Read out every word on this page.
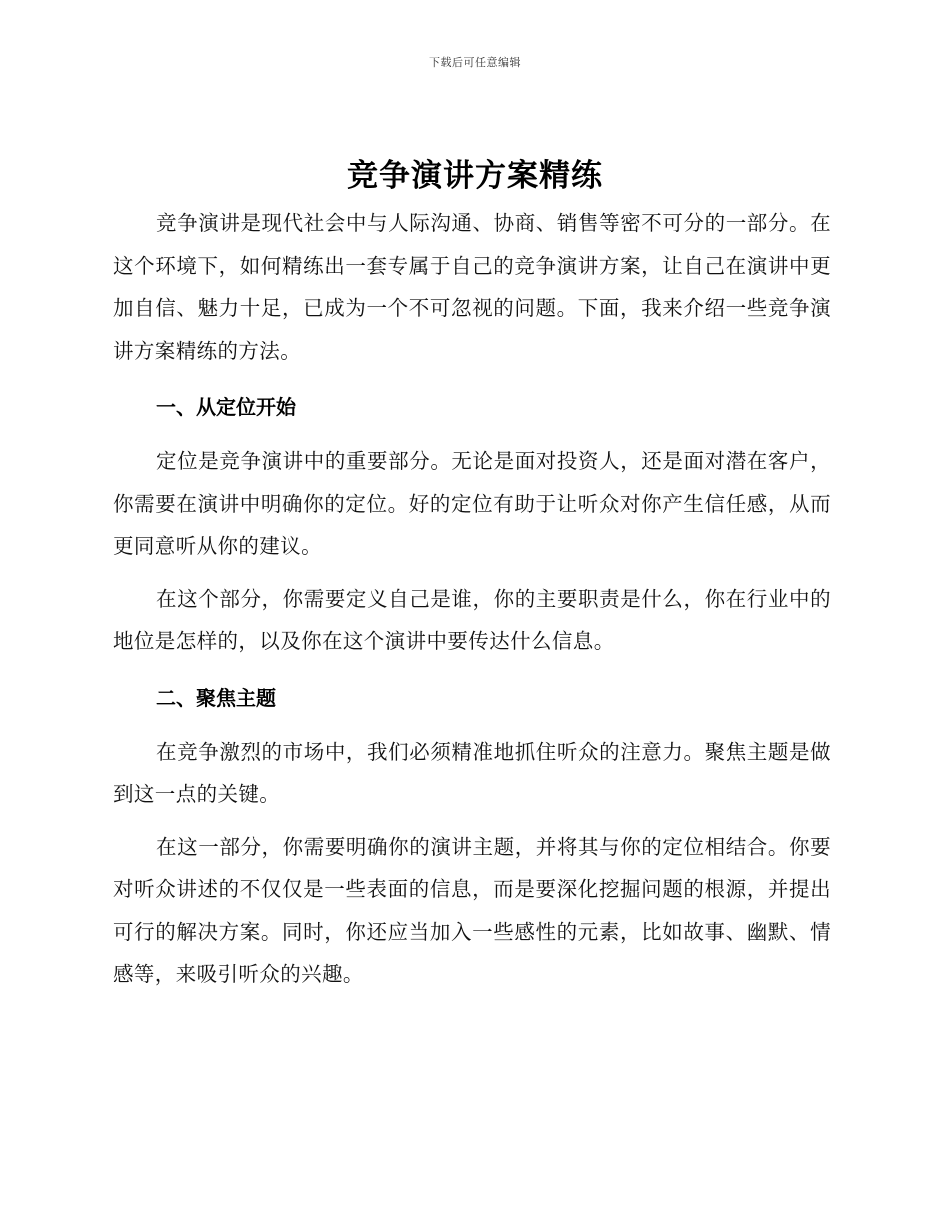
下载后可任意编辑
竞争演讲方案精练

竞争演讲是现代社会中与人际沟通、协商、销售等密不可分的一部分。在这个环境下，如何精练出一套专属于自己的竞争演讲方案，让自己在演讲中更加自信、魅力十足，已成为一个不可忽视的问题。下面，我来介绍一些竞争演讲方案精练的方法。

一、从定位开始

定位是竞争演讲中的重要部分。无论是面对投资人，还是面对潜在客户，你需要在演讲中明确你的定位。好的定位有助于让听众对你产生信任感，从而更同意听从你的建议。

在这个部分，你需要定义自己是谁，你的主要职责是什么，你在行业中的地位是怎样的，以及你在这个演讲中要传达什么信息。

二、聚焦主题

在竞争激烈的市场中，我们必须精准地抓住听众的注意力。聚焦主题是做到这一点的关键。

在这一部分，你需要明确你的演讲主题，并将其与你的定位相结合。你要对听众讲述的不仅仅是一些表面的信息，而是要深化挖掘问题的根源，并提出可行的解决方案。同时，你还应当加入一些感性的元素，比如故事、幽默、情感等，来吸引听众的兴趣。
